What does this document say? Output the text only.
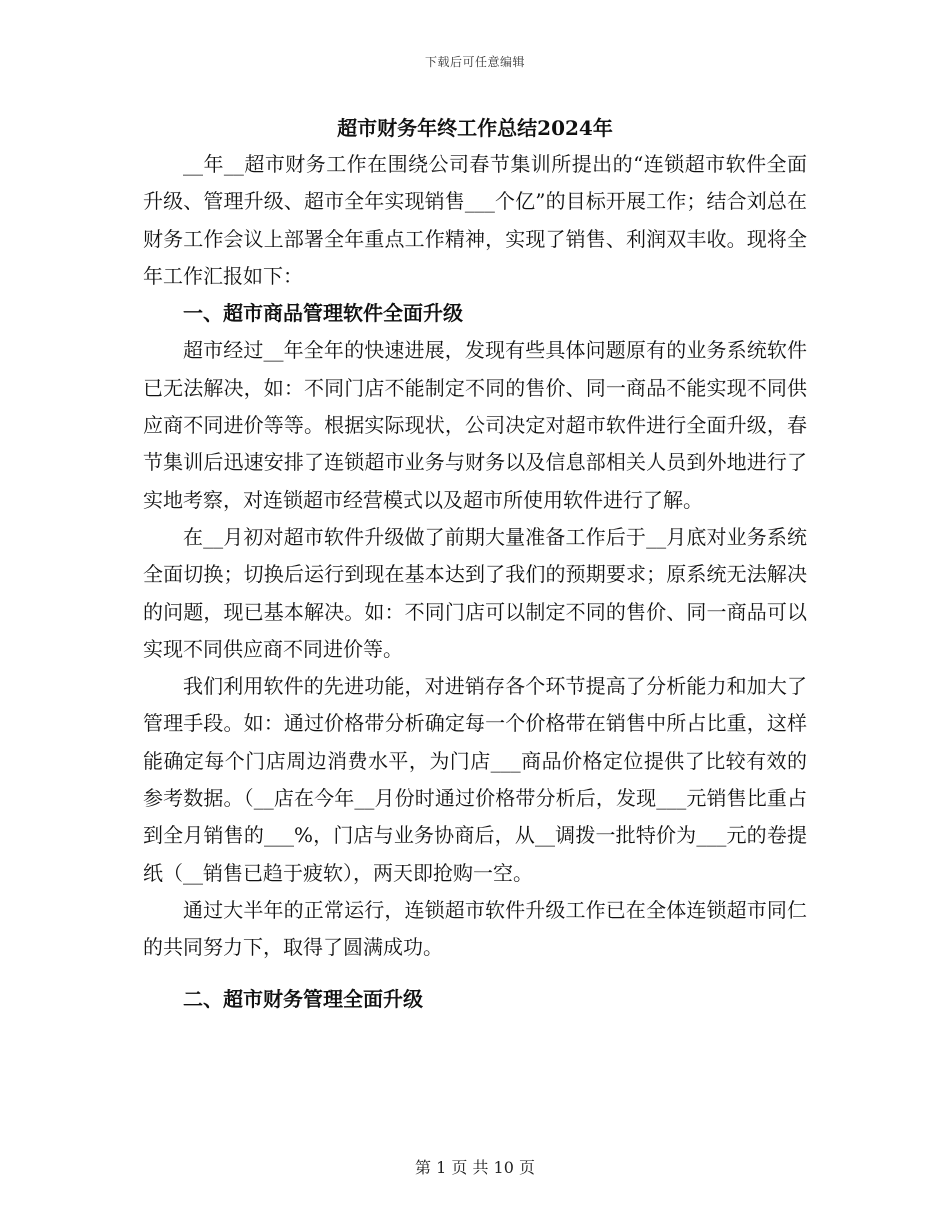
下载后可任意编辑
超市财务年终工作总结2024年

__年__超市财务工作在围绕公司春节集训所提出的“连锁超市软件全面升级、管理升级、超市全年实现销售___个亿”的目标开展工作；结合刘总在财务工作会议上部署全年重点工作精神，实现了销售、利润双丰收。现将全年工作汇报如下：

一、超市商品管理软件全面升级

超市经过__年全年的快速进展，发现有些具体问题原有的业务系统软件已无法解决，如：不同门店不能制定不同的售价、同一商品不能实现不同供应商不同进价等等。根据实际现状，公司决定对超市软件进行全面升级，春节集训后迅速安排了连锁超市业务与财务以及信息部相关人员到外地进行了实地考察，对连锁超市经营模式以及超市所使用软件进行了解。

在__月初对超市软件升级做了前期大量准备工作后于__月底对业务系统全面切换；切换后运行到现在基本达到了我们的预期要求；原系统无法解决的问题，现已基本解决。如：不同门店可以制定不同的售价、同一商品可以实现不同供应商不同进价等。

我们利用软件的先进功能，对进销存各个环节提高了分析能力和加大了管理手段。如：通过价格带分析确定每一个价格带在销售中所占比重，这样能确定每个门店周边消费水平，为门店___商品价格定位提供了比较有效的参考数据。（__店在今年__月份时通过价格带分析后，发现___元销售比重占到全月销售的___%，门店与业务协商后，从__调拨一批特价为___元的卷提纸（__销售已趋于疲软），两天即抢购一空。

通过大半年的正常运行，连锁超市软件升级工作已在全体连锁超市同仁的共同努力下，取得了圆满成功。

二、超市财务管理全面升级
第 1 页 共 10 页
